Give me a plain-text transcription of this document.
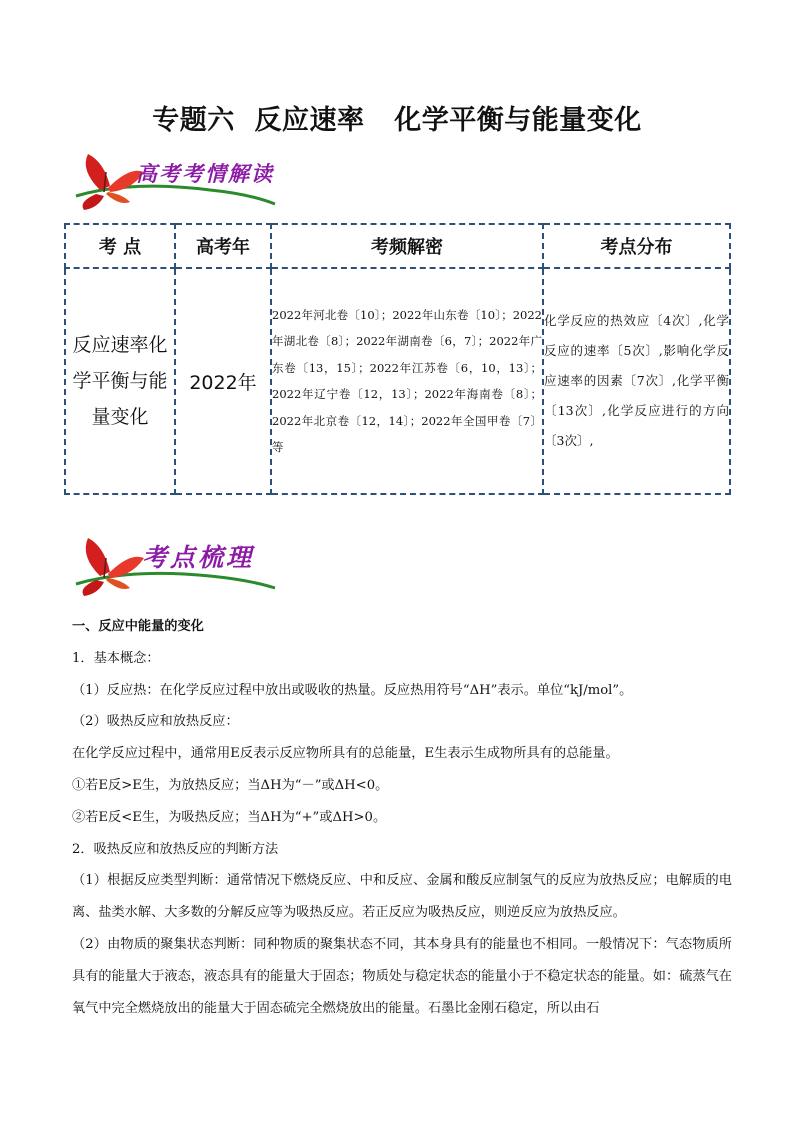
专题六  反应速率   化学平衡与能量变化
高考考情解读
考 点	高考年	考频解密	考点分布
反应速率化学平衡与能量变化	2022年	2022年河北卷〔10〕；2022年山东卷〔10〕；2022年湖北卷〔8〕；2022年湖南卷〔6，7〕；2022年广东卷〔13，15〕；2022年江苏卷〔6，10，13〕；2022年辽宁卷〔12，13〕；2022年海南卷〔8〕；2022年北京卷〔12，14〕；2022年全国甲卷〔7〕等	化学反应的热效应〔4次〕,化学反应的速率〔5次〕,影响化学反应速率的因素〔7次〕,化学平衡〔13次〕,化学反应进行的方向〔3次〕,
考点梳理

一、反应中能量的变化

1．基本概念：

（1）反应热：在化学反应过程中放出或吸收的热量。反应热用符号“ΔH”表示。单位“kJ/mol”。

（2）吸热反应和放热反应：

在化学反应过程中，通常用E反表示反应物所具有的总能量，E生表示生成物所具有的总能量。

①若E反>E生，为放热反应；当ΔH为“－”或ΔH<0。

②若E反<E生，为吸热反应；当ΔH为“+”或ΔH>0。

2．吸热反应和放热反应的判断方法

（1）根据反应类型判断：通常情况下燃烧反应、中和反应、金属和酸反应制氢气的反应为放热反应；电解质的电离、盐类水解、大多数的分解反应等为吸热反应。若正反应为吸热反应，则逆反应为放热反应。

（2）由物质的聚集状态判断：同种物质的聚集状态不同，其本身具有的能量也不相同。一般情况下：气态物质所具有的能量大于液态，液态具有的能量大于固态；物质处与稳定状态的能量小于不稳定状态的能量。如：硫蒸气在氧气中完全燃烧放出的能量大于固态硫完全燃烧放出的能量。石墨比金刚石稳定，所以由石
